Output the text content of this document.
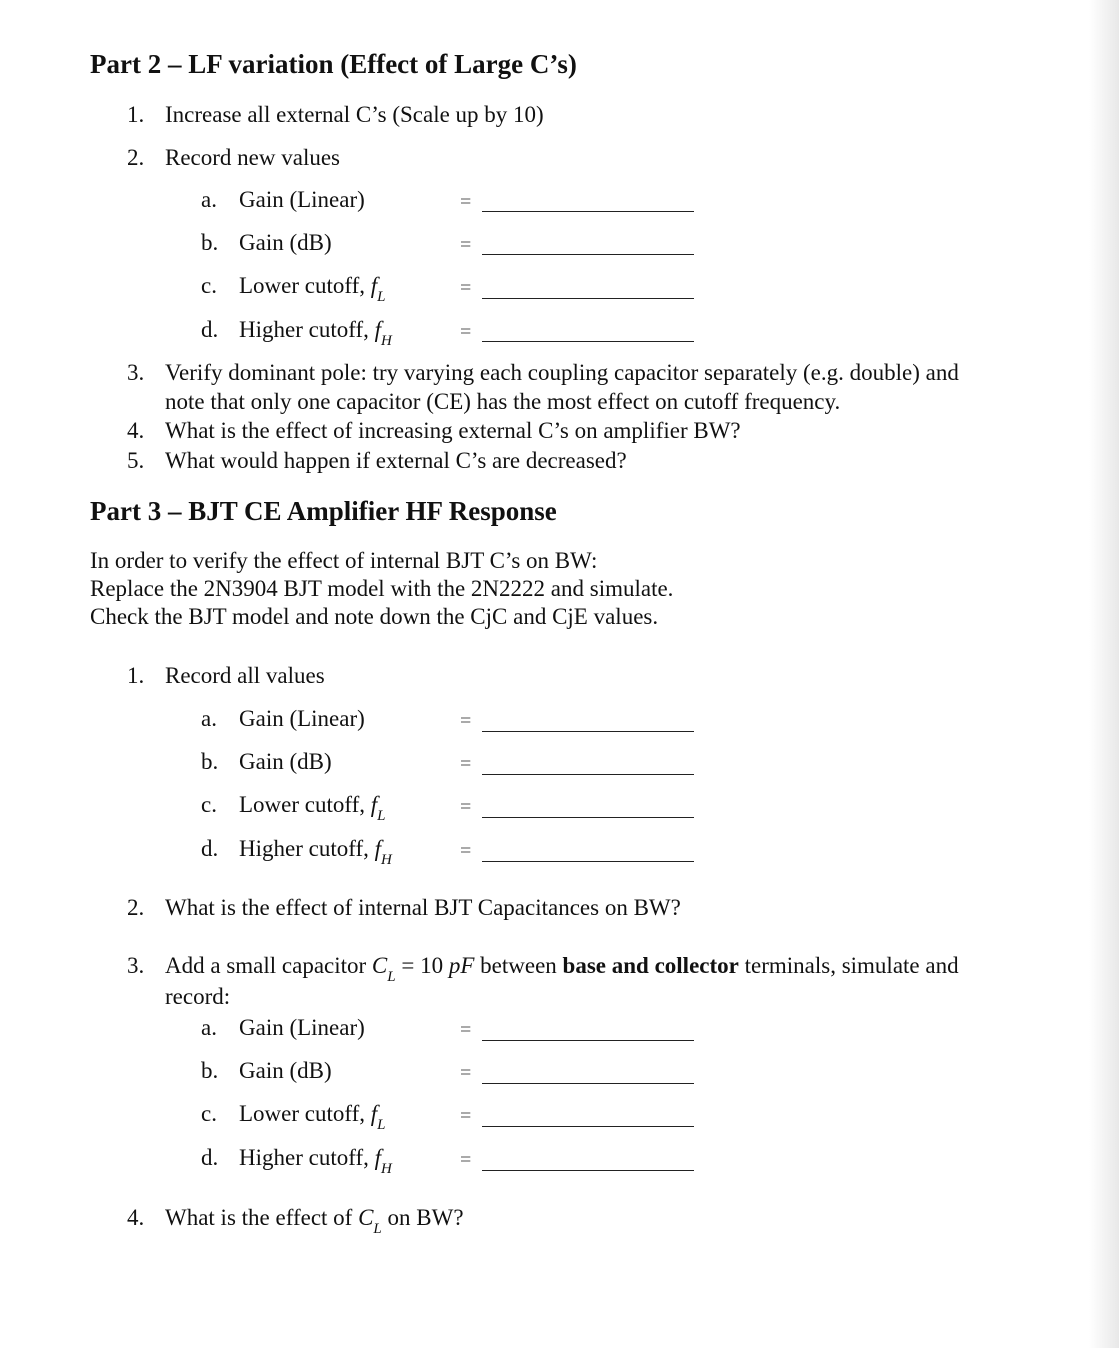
Part 2 – LF variation (Effect of Large C’s)
1. Increase all external C’s (Scale up by 10)
2. Record new values
a. Gain (Linear)	=
b. Gain (dB)	=
c. Lower cutoff, $f_L$	=
d. Higher cutoff, $f_H$	=
3. Verify dominant pole: try varying each coupling capacitor separately (e.g. double) and
note that only one capacitor (CE) has the most effect on cutoff frequency.
4. What is the effect of increasing external C’s on amplifier BW?
5. What would happen if external C’s are decreased?
Part 3 – BJT CE Amplifier HF Response
In order to verify the effect of internal BJT C’s on BW:
Replace the 2N3904 BJT model with the 2N2222 and simulate.
Check the BJT model and note down the CjC and CjE values.
1. Record all values
a. Gain (Linear)	=
b. Gain (dB)	=
c. Lower cutoff, $f_L$	=
d. Higher cutoff, $f_H$	=
2. What is the effect of internal BJT Capacitances on BW?
3. Add a small capacitor $C_L = 10$ pF between base and collector terminals, simulate and
record:
a. Gain (Linear)	=
b. Gain (dB)	=
c. Lower cutoff, $f_L$	=
d. Higher cutoff, $f_H$	=
4. What is the effect of $C_L$ on BW?
